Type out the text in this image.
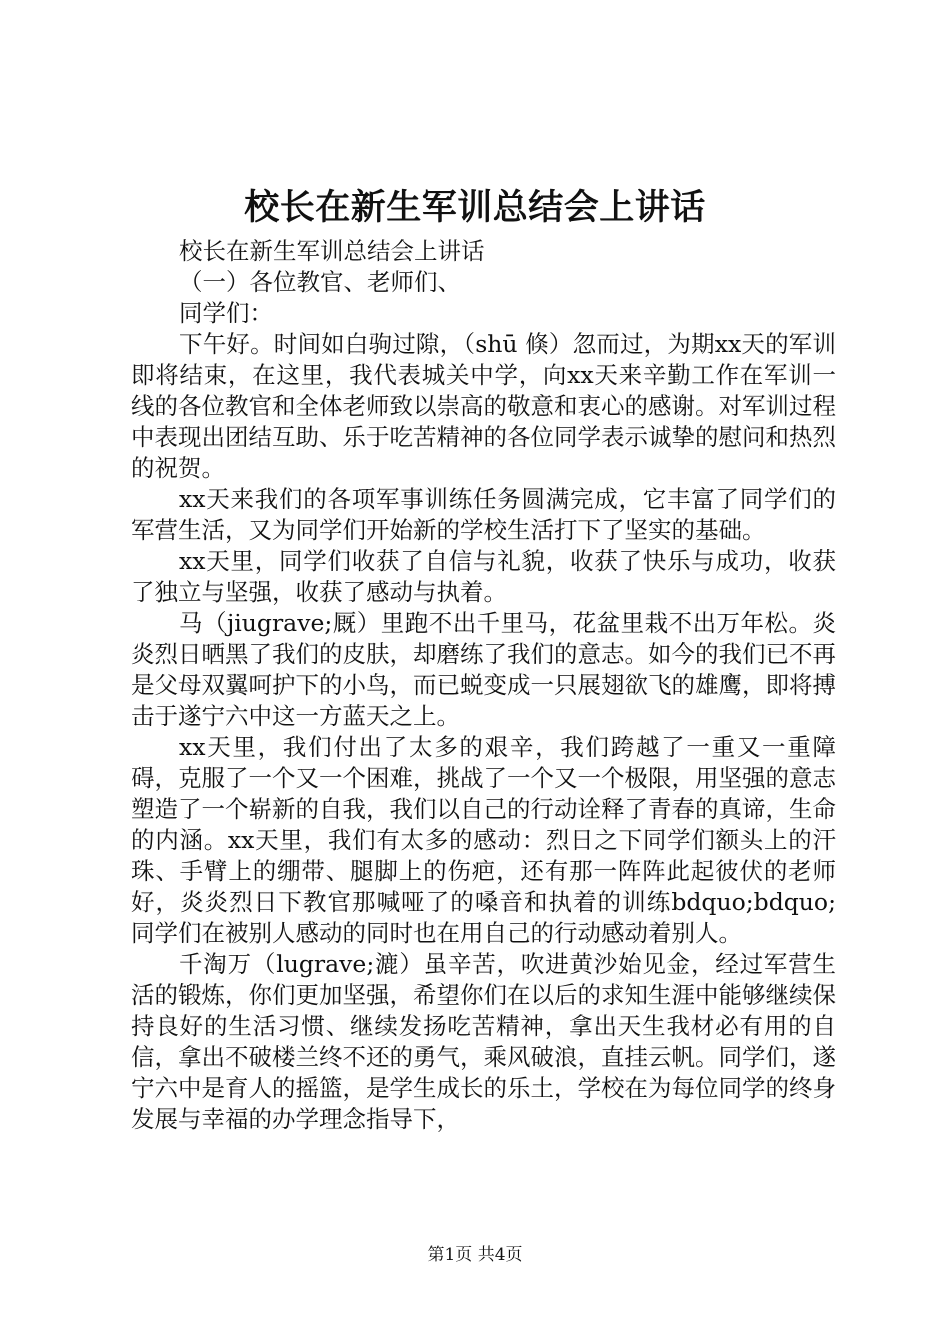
校长在新生军训总结会上讲话

校长在新生军训总结会上讲话

（一）各位教官、老师们、

同学们：

下午好。时间如白驹过隙，（shū 倏）忽而过，为期xx天的军训即将结束，在这里，我代表城关中学，向xx天来辛勤工作在军训一线的各位教官和全体老师致以崇高的敬意和衷心的感谢。对军训过程中表现出团结互助、乐于吃苦精神的各位同学表示诚挚的慰问和热烈的祝贺。

xx天来我们的各项军事训练任务圆满完成，它丰富了同学们的军营生活，又为同学们开始新的学校生活打下了坚实的基础。

xx天里，同学们收获了自信与礼貌，收获了快乐与成功，收获了独立与坚强，收获了感动与执着。

马（jiugrave;厩）里跑不出千里马，花盆里栽不出万年松。炎炎烈日晒黑了我们的皮肤，却磨练了我们的意志。如今的我们已不再是父母双翼呵护下的小鸟，而已蜕变成一只展翅欲飞的雄鹰，即将搏击于遂宁六中这一方蓝天之上。

xx天里，我们付出了太多的艰辛，我们跨越了一重又一重障碍，克服了一个又一个困难，挑战了一个又一个极限，用坚强的意志塑造了一个崭新的自我，我们以自己的行动诠释了青春的真谛，生命的内涵。xx天里，我们有太多的感动：烈日之下同学们额头上的汗珠、手臂上的绷带、腿脚上的伤疤，还有那一阵阵此起彼伏的老师好，炎炎烈日下教官那喊哑了的嗓音和执着的训练bdquo;bdquo;同学们在被别人感动的同时也在用自己的行动感动着别人。

千淘万（lugrave;漉）虽辛苦，吹进黄沙始见金，经过军营生活的锻炼，你们更加坚强，希望你们在以后的求知生涯中能够继续保持良好的生活习惯、继续发扬吃苦精神，拿出天生我材必有用的自信，拿出不破楼兰终不还的勇气，乘风破浪，直挂云帆。同学们，遂宁六中是育人的摇篮，是学生成长的乐土，学校在为每位同学的终身发展与幸福的办学理念指导下，

第1页 共4页
